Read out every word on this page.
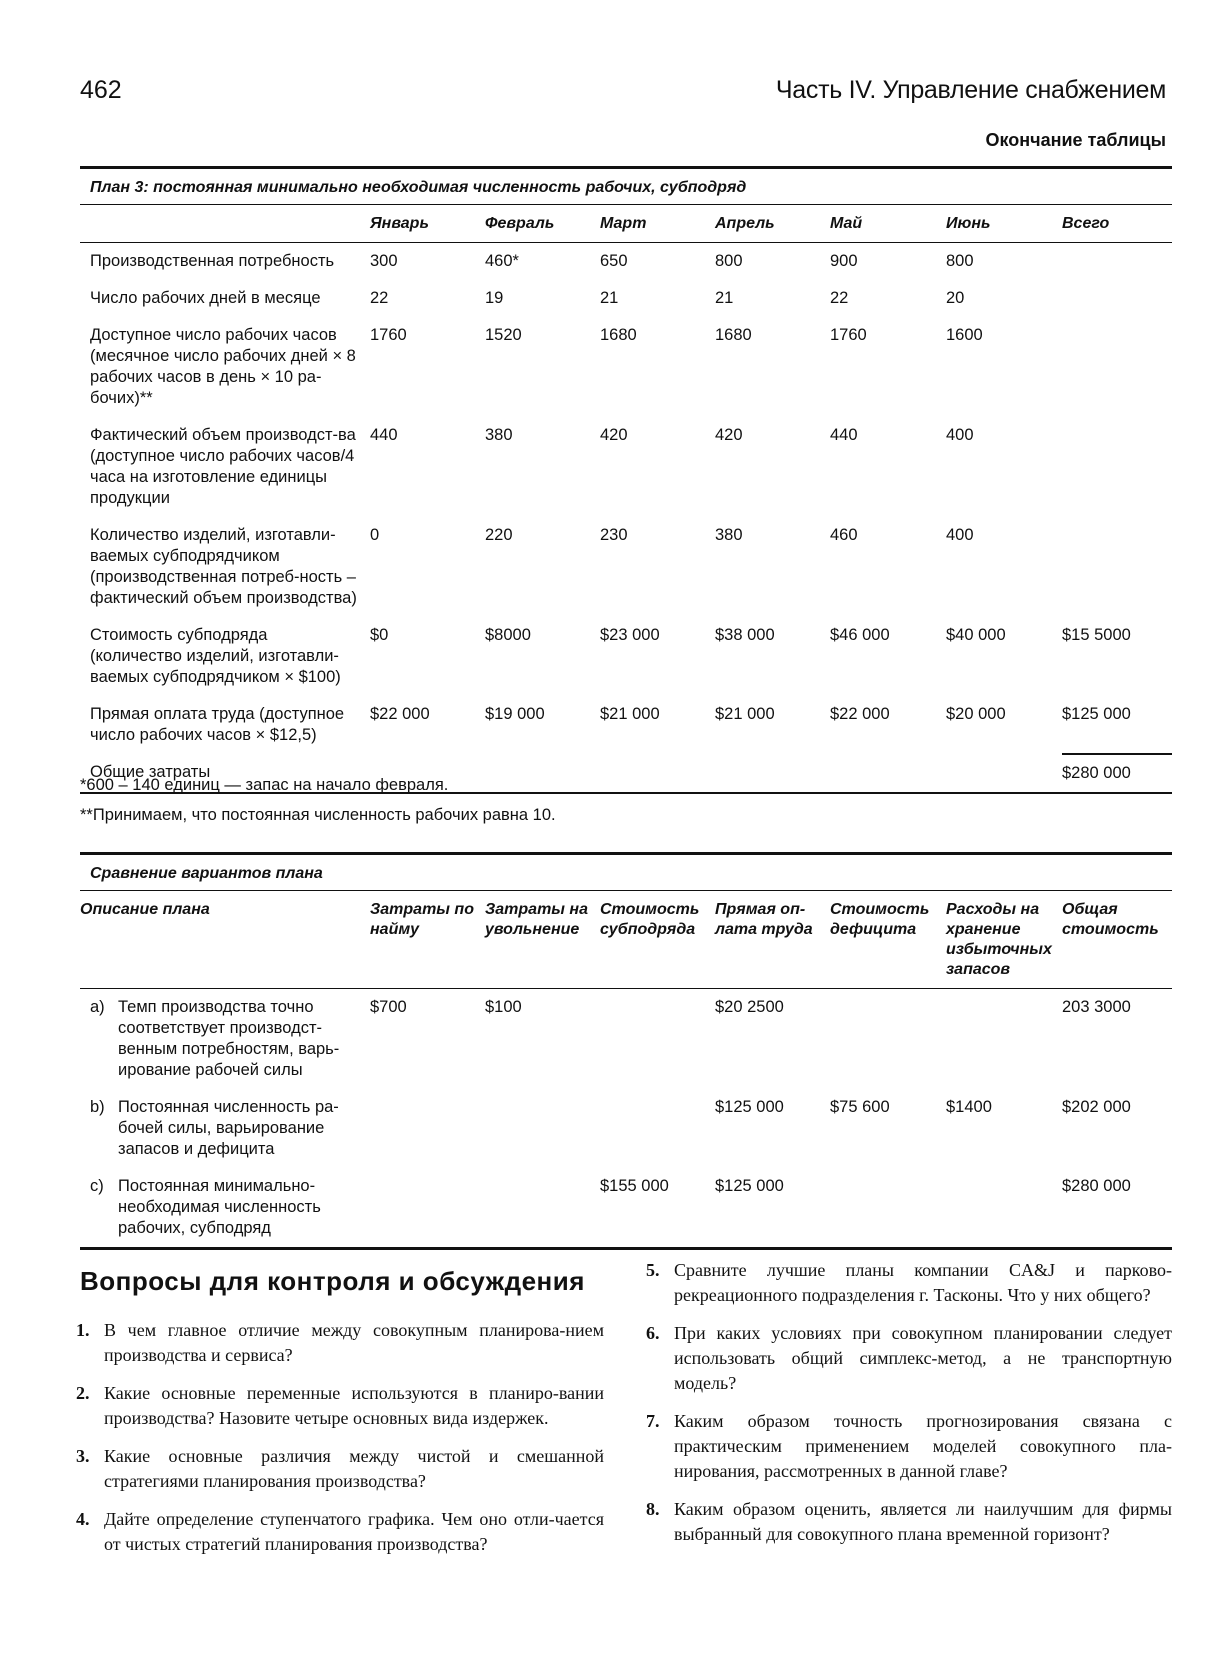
462	Часть IV. Управление снабжением
Окончание таблицы
План 3: постоянная минимально необходимая численность рабочих, субподряд							
	Январь	Февраль	Март	Апрель	Май	Июнь	Всего
Производственная потребность	300	460*	650	800	900	800	
Число рабочих дней в месяце	22	19	21	21	22	20	
Доступное число рабочих часов (месячное число рабочих дней × 8 рабочих часов в день × 10 ра-бочих)**	1760	1520	1680	1680	1760	1600	
Фактический объем производст-ва (доступное число рабочих часов/4 часа на изготовление единицы продукции	440	380	420	420	440	400	
Количество изделий, изготавли-ваемых субподрядчиком (производственная потреб-ность – фактический объем производства)	0	220	230	380	460	400	
Стоимость субподряда (количество изделий, изготавли-ваемых субподрядчиком × $100)	$0	$8000	$23 000	$38 000	$46 000	$40 000	$15 5000
Прямая оплата труда (доступное число рабочих часов × $12,5)	$22 000	$19 000	$21 000	$21 000	$22 000	$20 000	$125 000
Общие затраты							$280 000
*600 – 140 единиц — запас на начало февраля.
**Принимаем, что постоянная численность рабочих равна 10.
Сравнение вариантов плана							
Описание плана	Затраты по найму	Затраты на увольнение	Стоимость субподряда	Прямая оп-лата труда	Стоимость дефицита	Расходы на хранение избыточных запасов	Общая стоимость
a) Темп производства точно соответствует производст-венным потребностям, варь-ирование рабочей силы	$700	$100		$20 2500			203 3000
b) Постоянная численность ра-бочей силы, варьирование запасов и дефицита				$125 000	$75 600	$1400	$202 000
c) Постоянная минимально-необходимая численность рабочих, субподряд			$155 000	$125 000			$280 000
Вопросы для контроля и обсуждения
1. В чем главное отличие между совокупным планирова-нием производства и сервиса?
2. Какие основные переменные используются в планиро-вании производства? Назовите четыре основных вида издержек.
3. Какие основные различия между чистой и смешанной стратегиями планирования производства?
4. Дайте определение ступенчатого графика. Чем оно отли-чается от чистых стратегий планирования производства?
5. Сравните лучшие планы компании CA&J и парково-рекреационного подразделения г. Тасконы. Что у них общего?
6. При каких условиях при совокупном планировании следует использовать общий симплекс-метод, а не транспортную модель?
7. Каким образом точность прогнозирования связана с практическим применением моделей совокупного пла-нирования, рассмотренных в данной главе?
8. Каким образом оценить, является ли наилучшим для фирмы выбранный для совокупного плана временной горизонт?
